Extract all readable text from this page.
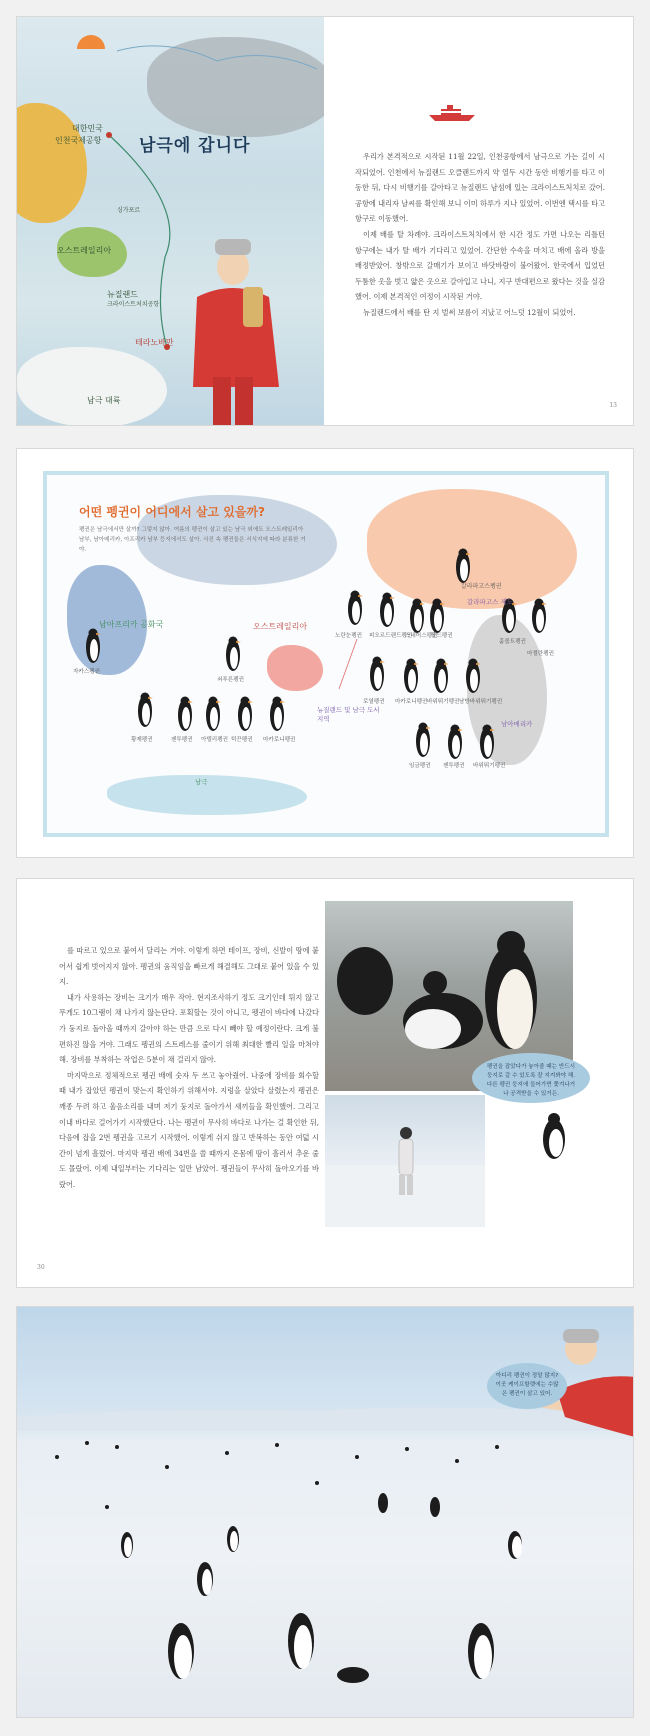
남극에 갑니다
대한민국
인천국제공항
싱가포르
오스트레일리아
뉴질랜드
크라이스트처치공항
테라노바만
남극 대륙

우리가 본격적으로 시작된 11월 22일, 인천공항에서 남극으로 가는 길이 시작되었어. 인천에서 뉴질랜드 오클랜드까지 약 열두 시간 동안 비행기를 타고 이동한 뒤, 다시 비행기를 갈아타고 뉴질랜드 남섬에 있는 크라이스트처치로 갔어. 공항에 내리자 날씨를 확인해 보니 이미 하루가 지나 있었어. 이번엔 택시를 타고 항구로 이동했어.

이제 배를 탈 차례야. 크라이스트처치에서 한 시간 정도 가면 나오는 리틀턴 항구에는 내가 탈 배가 기다리고 있었어. 간단한 수속을 마치고 배에 올라 방을 배정받았어. 창밖으로 갈매기가 보이고 바닷바람이 불어왔어. 한국에서 입었던 두툼한 옷을 벗고 얇은 옷으로 갈아입고 나니, 지구 반대편으로 왔다는 것을 실감했어. 이제 본격적인 여정이 시작된 거야.

뉴질랜드에서 배를 탄 지 벌써 보름이 지났고 어느덧 12월이 되었어.

13
어떤 펭귄이 어디에서 살고 있을까?
펭귄은 남극에서만 살까? 그렇지 않아. 여름의 펭귄이 살고 있는 남극 외에도 오스트레일리아 남부, 남아메리카, 아프리카 남부 등지에서도 살아. 사진 속 펭귄들은 서식지에 따라 분류한 거야.
남아프리카 공화국
자카스펭귄
쇠푸른펭귄
오스트레일리아
뉴질랜드 및 남극 도서 지역
남극
남아메리카
갈라파고스펭귄
갈라파고스 제도
훔볼트펭귄
마젤란펭귄
노란눈펭귄 피오르드랜드펭귄
스네어스펭귄
볼드펭귄
로열펭귄 마카로니펭귄 바위뛰기펭귄 남방바위뛰기펭귄
황제펭귄	젠투펭귄 아델리펭귄 턱끈펭귄 마카로니펭귄
임금펭귄 젠투펭귄 바위뛰기펭귄

를 따르고 있으로 붙여서 달리는 거야. 이렇게 하면 테이프, 장비, 신발이 땅에 붙어서 쉽게 벗어지지 않아. 펭귄의 움직임을 빠르게 해결해도 그대로 붙어 있을 수 있지.

내가 사용하는 장비는 크기가 매우 작아. 현지조사하기 정도 크기인데 튀지 않고 무게도 10그램이 채 나가지 않는단다. 포획할는 것이 아니고, 펭귄이 바다에 나갔다가 둥지로 돌아올 때까지 갈아야 하는 만큼 으로 다시 빼야 할 예정이란다. 크게 불편하진 않을 거야. 그래도 펭귄의 스트레스를 줄이기 위해 최대한 빨리 일을 마쳐야 해. 장비를 부착하는 작업은 5분이 채 걸리지 않아.

마지막으로 정체적으로 펭귄 배에 숫자 두 쓰고 놓아줬어. 나중에 장비를 회수할 때 내가 잡았던 펭귄이 맞는지 확인하기 위해서야. 지렁을 살았다 살렸는지 펭귄은 깨종 두려 하고 울음소리를 내며 저기 둥지로 돌아가서 새끼들을 확인했어. 그리고 이내 바다로 걸어가기 시작했단다. 나는 펭귄이 무사히 바다로 나가는 걸 확인한 뒤, 다음에 잡을 2번 펭귄을 고르기 시작했어. 이렇게 쉬지 않고 반복하는 동안 여덟 시간이 넘게 흘렀어. 마지막 펭귄 배에 34번을 쓸 때까지 온몸에 땀이 흘러서 추운 줄도 몰랐어. 이제 내일부터는 기다리는 일만 남았어. 펭귄들이 무사히 돌아오기를 바랐어.

30
펭귄을 잡았다가 놓아줄 때는 반드시 둥지로 갈 수 있도록 잘 지켜봐야 해. 다른 펭귄 둥지에 들어가면 쫓겨나거나 공격받을 수 있거든.
아디리 펭귄이 정말 많지? 이곳 케이프할렛에는 수많은 펭귄이 살고 있어.
